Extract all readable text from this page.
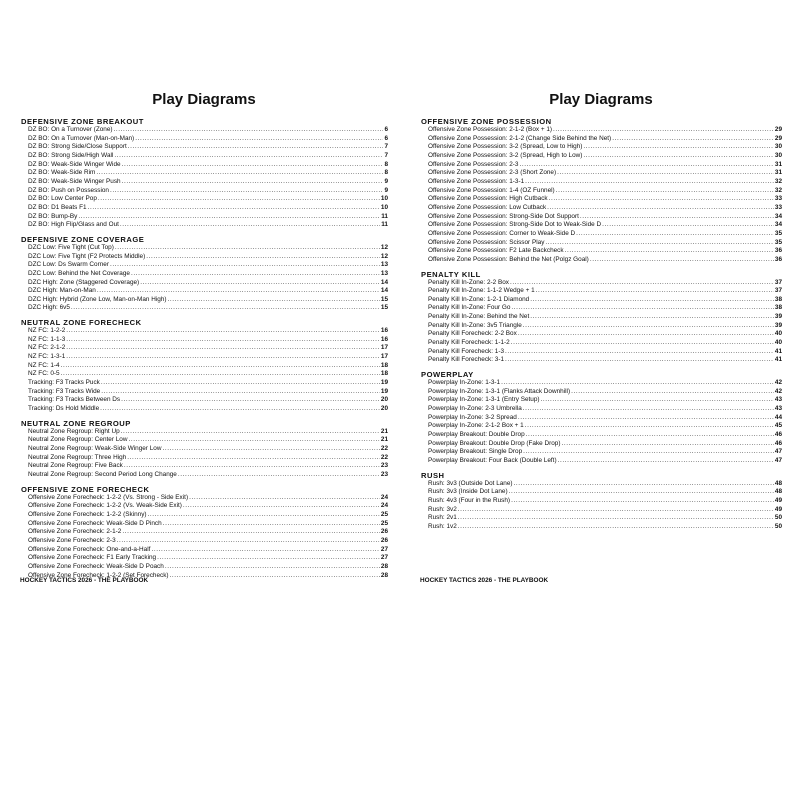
Play Diagrams
DEFENSIVE ZONE BREAKOUT
DZ BO: On a Turnover (Zone) .....	6
DZ BO: On a Turnover (Man-on-Man) .....	6
DZ BO: Strong Side/Close Support .....	7
DZ BO: Strong Side/High Wall .....	7
DZ BO: Weak-Side Winger Wide .....	8
DZ BO: Weak-Side Rim .....	8
DZ BO: Weak-Side Winger Push .....	9
DZ BO: Push on Possession .....	9
DZ BO: Low Center Pop .....	10
DZ BO: D1 Beats F1 .....	10
DZ BO: Bump-By .....	11
DZ BO: High Flip/Glass and Out .....	11
DEFENSIVE ZONE COVERAGE
DZC Low: Five Tight (Cut Top) .....	12
DZC Low: Five Tight (F2 Protects Middle) .....	12
DZC Low: Ds Swarm Corner .....	13
DZC Low: Behind the Net Coverage .....	13
DZC High: Zone (Staggered Coverage) .....	14
DZC High: Man-on-Man .....	14
DZC High: Hybrid (Zone Low, Man-on-Man High) .....	15
DZC High: 6v5 .....	15
NEUTRAL ZONE FORECHECK
NZ FC: 1-2-2 .....	16
NZ FC: 1-1-3 .....	16
NZ FC: 2-1-2 .....	17
NZ FC: 1-3-1 .....	17
NZ FC: 1-4 .....	18
NZ FC: 0-5 .....	18
Tracking: F3 Tracks Puck .....	19
Tracking: F3 Tracks Wide .....	19
Tracking: F3 Tracks Between Ds .....	20
Tracking: Ds Hold Middle .....	20
NEUTRAL ZONE REGROUP
Neutral Zone Regroup: Right Up .....	21
Neutral Zone Regroup: Center Low .....	21
Neutral Zone Regroup: Weak-Side Winger Low .....	22
Neutral Zone Regroup: Three High .....	22
Neutral Zone Regroup: Five Back .....	23
Neutral Zone Regroup: Second Period Long Change .....	23
OFFENSIVE ZONE FORECHECK
Offensive Zone Forecheck: 1-2-2 (Vs. Strong - Side Exit) .....	24
Offensive Zone Forecheck: 1-2-2 (Vs. Weak-Side Exit) .....	24
Offensive Zone Forecheck: 1-2-2 (Skinny) .....	25
Offensive Zone Forecheck: Weak-Side D Pinch .....	25
Offensive Zone Forecheck: 2-1-2 .....	26
Offensive Zone Forecheck: 2-3 .....	26
Offensive Zone Forecheck: One-and-a-Half .....	27
Offensive Zone Forecheck: F1 Early Tracking .....	27
Offensive Zone Forecheck: Weak-Side D Poach .....	28
Offensive Zone Forecheck: 1-2-2 (Set Forecheck) .....	28
HOCKEY TACTICS 2026 - THE PLAYBOOK
Play Diagrams
OFFENSIVE ZONE POSSESSION
Offensive Zone Possession: 2-1-2 (Box + 1) .....	29
Offensive Zone Possession: 2-1-2 (Change Side Behind the Net) .....	29
Offensive Zone Possession: 3-2 (Spread, Low to High) .....	30
Offensive Zone Possession: 3-2 (Spread, High to Low) .....	30
Offensive Zone Possession: 2-3 .....	31
Offensive Zone Possession: 2-3 (Short Zone) .....	31
Offensive Zone Possession: 1-3-1 .....	32
Offensive Zone Possession: 1-4 (OZ Funnel) .....	32
Offensive Zone Possession: High Cutback .....	33
Offensive Zone Possession: Low Cutback .....	33
Offensive Zone Possession: Strong-Side Dot Support .....	34
Offensive Zone Possession: Strong-Side Dot to Weak-Side D .....	34
Offensive Zone Possession: Corner to Weak-Side D .....	35
Offensive Zone Possession: Scissor Play .....	35
Offensive Zone Possession: F2 Late Backcheck .....	36
Offensive Zone Possession: Behind the Net (Polgz Goal) .....	36
PENALTY KILL
Penalty Kill In-Zone: 2-2 Box .....	37
Penalty Kill In-Zone: 1-1-2 Wedge + 1 .....	37
Penalty Kill In-Zone: 1-2-1 Diamond .....	38
Penalty Kill In-Zone: Four Go .....	38
Penalty Kill In-Zone: Behind the Net .....	39
Penalty Kill In-Zone: 3v5 Triangle .....	39
Penalty Kill Forecheck: 2-2 Box .....	40
Penalty Kill Forecheck: 1-1-2 .....	40
Penalty Kill Forecheck: 1-3 .....	41
Penalty Kill Forecheck: 3-1 .....	41
POWERPLAY
Powerplay In-Zone: 1-3-1 .....	42
Powerplay In-Zone: 1-3-1 (Flanks Attack Downhill) .....	42
Powerplay In-Zone: 1-3-1 (Entry Setup) .....	43
Powerplay In-Zone: 2-3 Umbrella .....	43
Powerplay In-Zone: 3-2 Spread .....	44
Powerplay In-Zone: 2-1-2 Box + 1 .....	45
Powerplay Breakout: Double Drop .....	46
Powerplay Breakout: Double Drop (Fake Drop) .....	46
Powerplay Breakout: Single Drop .....	47
Powerplay Breakout: Four Back (Double Left) .....	47
RUSH
Rush: 3v3 (Outside Dot Lane) .....	48
Rush: 3v3 (Inside Dot Lane) .....	48
Rush: 4v3 (Four in the Rush) .....	49
Rush: 3v2 .....	49
Rush: 2v1 .....	50
Rush: 1v2 .....	50
HOCKEY TACTICS 2026 - THE PLAYBOOK
